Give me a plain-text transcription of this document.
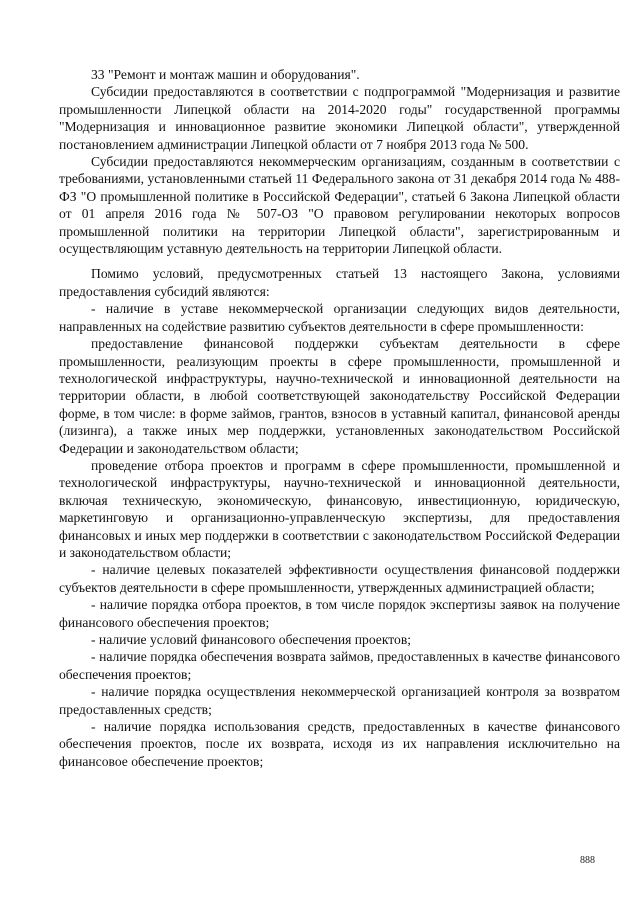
33 "Ремонт и монтаж машин и оборудования".

Субсидии предоставляются в соответствии с подпрограммой "Модернизация и развитие промышленности Липецкой области на 2014-2020 годы" государственной программы "Модернизация и инновационное развитие экономики Липецкой области", утвержденной постановлением администрации Липецкой области от 7 ноября 2013 года № 500.

Субсидии предоставляются некоммерческим организациям, созданным в соответствии с требованиями, установленными статьей 11 Федерального закона от 31 декабря 2014 года № 488-ФЗ "О промышленной политике в Российской Федерации", статьей 6 Закона Липецкой области от 01 апреля 2016 года № 507-ОЗ "О правовом регулировании некоторых вопросов промышленной политики на территории Липецкой области", зарегистрированным и осуществляющим уставную деятельность на территории Липецкой области.

Помимо условий, предусмотренных статьей 13 настоящего Закона, условиями предоставления субсидий являются:

- наличие в уставе некоммерческой организации следующих видов деятельности, направленных на содействие развитию субъектов деятельности в сфере промышленности:

предоставление финансовой поддержки субъектам деятельности в сфере промышленности, реализующим проекты в сфере промышленности, промышленной и технологической инфраструктуры, научно-технической и инновационной деятельности на территории области, в любой соответствующей законодательству Российской Федерации форме, в том числе: в форме займов, грантов, взносов в уставный капитал, финансовой аренды (лизинга), а также иных мер поддержки, установленных законодательством Российской Федерации и законодательством области;

проведение отбора проектов и программ в сфере промышленности, промышленной и технологической инфраструктуры, научно-технической и инновационной деятельности, включая техническую, экономическую, финансовую, инвестиционную, юридическую, маркетинговую и организационно-управленческую экспертизы, для предоставления финансовых и иных мер поддержки в соответствии с законодательством Российской Федерации и законодательством области;

- наличие целевых показателей эффективности осуществления финансовой поддержки субъектов деятельности в сфере промышленности, утвержденных администрацией области;

- наличие порядка отбора проектов, в том числе порядок экспертизы заявок на получение финансового обеспечения проектов;

- наличие условий финансового обеспечения проектов;

- наличие порядка обеспечения возврата займов, предоставленных в качестве финансового обеспечения проектов;

- наличие порядка осуществления некоммерческой организацией контроля за возвратом предоставленных средств;

- наличие порядка использования средств, предоставленных в качестве финансового обеспечения проектов, после их возврата, исходя из их направления исключительно на финансовое обеспечение проектов;

888
